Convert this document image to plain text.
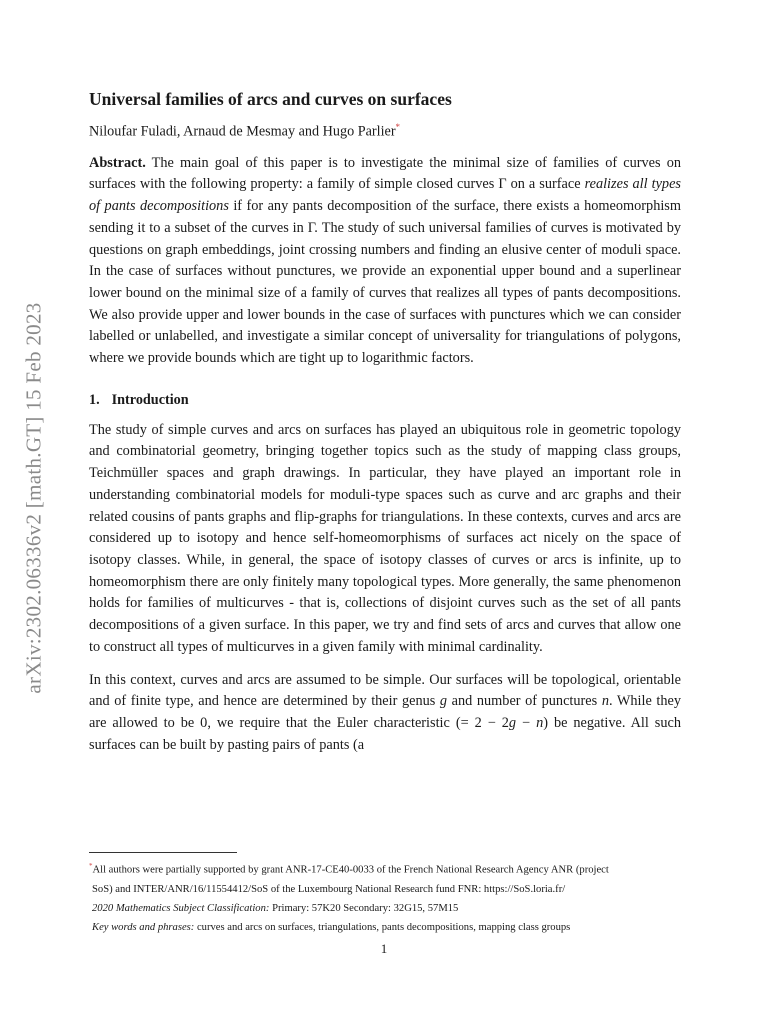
arXiv:2302.06336v2 [math.GT] 15 Feb 2023
Universal families of arcs and curves on surfaces
Niloufar Fuladi, Arnaud de Mesmay and Hugo Parlier*

Abstract. The main goal of this paper is to investigate the minimal size of families of curves on surfaces with the following property: a family of simple closed curves Γ on a surface realizes all types of pants decompositions if for any pants decomposition of the surface, there exists a homeomorphism sending it to a subset of the curves in Γ. The study of such universal families of curves is motivated by questions on graph embeddings, joint crossing numbers and finding an elusive center of moduli space. In the case of surfaces without punctures, we provide an exponential upper bound and a superlinear lower bound on the minimal size of a family of curves that realizes all types of pants decompositions. We also provide upper and lower bounds in the case of surfaces with punctures which we can consider labelled or unlabelled, and investigate a similar concept of universality for triangulations of polygons, where we provide bounds which are tight up to logarithmic factors.

1. Introduction

The study of simple curves and arcs on surfaces has played an ubiquitous role in geometric topology and combinatorial geometry, bringing together topics such as the study of mapping class groups, Teichmüller spaces and graph drawings. In particular, they have played an important role in understanding combinatorial models for moduli-type spaces such as curve and arc graphs and their related cousins of pants graphs and flip-graphs for triangulations. In these contexts, curves and arcs are considered up to isotopy and hence self-homeomorphisms of surfaces act nicely on the space of isotopy classes. While, in general, the space of isotopy classes of curves or arcs is infinite, up to homeomorphism there are only finitely many topological types. More generally, the same phenomenon holds for families of multicurves - that is, collections of disjoint curves such as the set of all pants decompositions of a given surface. In this paper, we try and find sets of arcs and curves that allow one to construct all types of multicurves in a given family with minimal cardinality.

In this context, curves and arcs are assumed to be simple. Our surfaces will be topological, orientable and of finite type, and hence are determined by their genus g and number of punctures n. While they are allowed to be 0, we require that the Euler characteristic (= 2 − 2g − n) be negative. All such surfaces can be built by pasting pairs of pants (a

*All authors were partially supported by grant ANR-17-CE40-0033 of the French National Research Agency ANR (project
SoS) and INTER/ANR/16/11554412/SoS of the Luxembourg National Research fund FNR: https://SoS.loria.fr/
2020 Mathematics Subject Classification: Primary: 57K20 Secondary: 32G15, 57M15
Key words and phrases: curves and arcs on surfaces, triangulations, pants decompositions, mapping class groups
1
